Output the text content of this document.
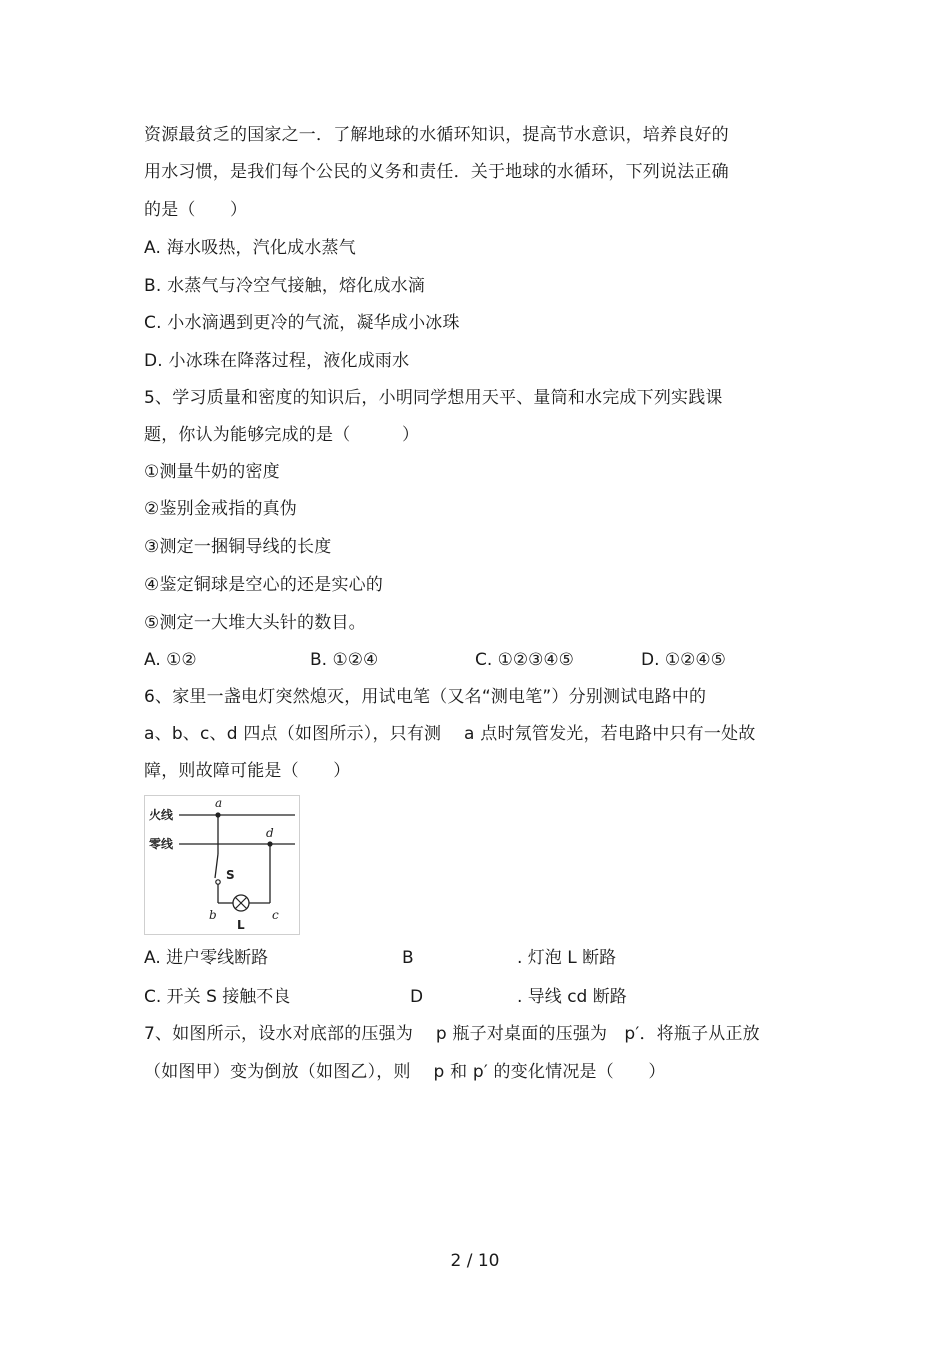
资源最贫乏的国家之一．了解地球的水循环知识，提高节水意识，培养良好的
用水习惯，是我们每个公民的义务和责任．关于地球的水循环，下列说法正确
的是（　　）
A. 海水吸热，汽化成水蒸气
B. 水蒸气与冷空气接触，熔化成水滴
C. 小水滴遇到更冷的气流，凝华成小冰珠
D. 小冰珠在降落过程，液化成雨水
5、学习质量和密度的知识后，小明同学想用天平、量筒和水完成下列实践课
题，你认为能够完成的是（　　　）
①测量牛奶的密度
②鉴别金戒指的真伪
③测定一捆铜导线的长度
④鉴定铜球是空心的还是实心的
⑤测定一大堆大头针的数目。
A. ①②	B. ①②④	C. ①②③④⑤	D. ①②④⑤
6、家里一盏电灯突然熄灭，用试电笔（又名“测电笔”）分别测试电路中的
a、b、c、d 四点（如图所示），只有测　 a 点时氖管发光，若电路中只有一处故
障，则故障可能是（　　）
火线
零线
a
d
S
b	c
L
A. 进户零线断路	B	. 灯泡 L 断路
C. 开关 S 接触不良	D	. 导线 cd 断路
7、如图所示，设水对底部的压强为　 p 瓶子对桌面的压强为　p′．将瓶子从正放
（如图甲）变为倒放（如图乙），则　 p 和 p′ 的变化情况是（　　）
2 / 10
